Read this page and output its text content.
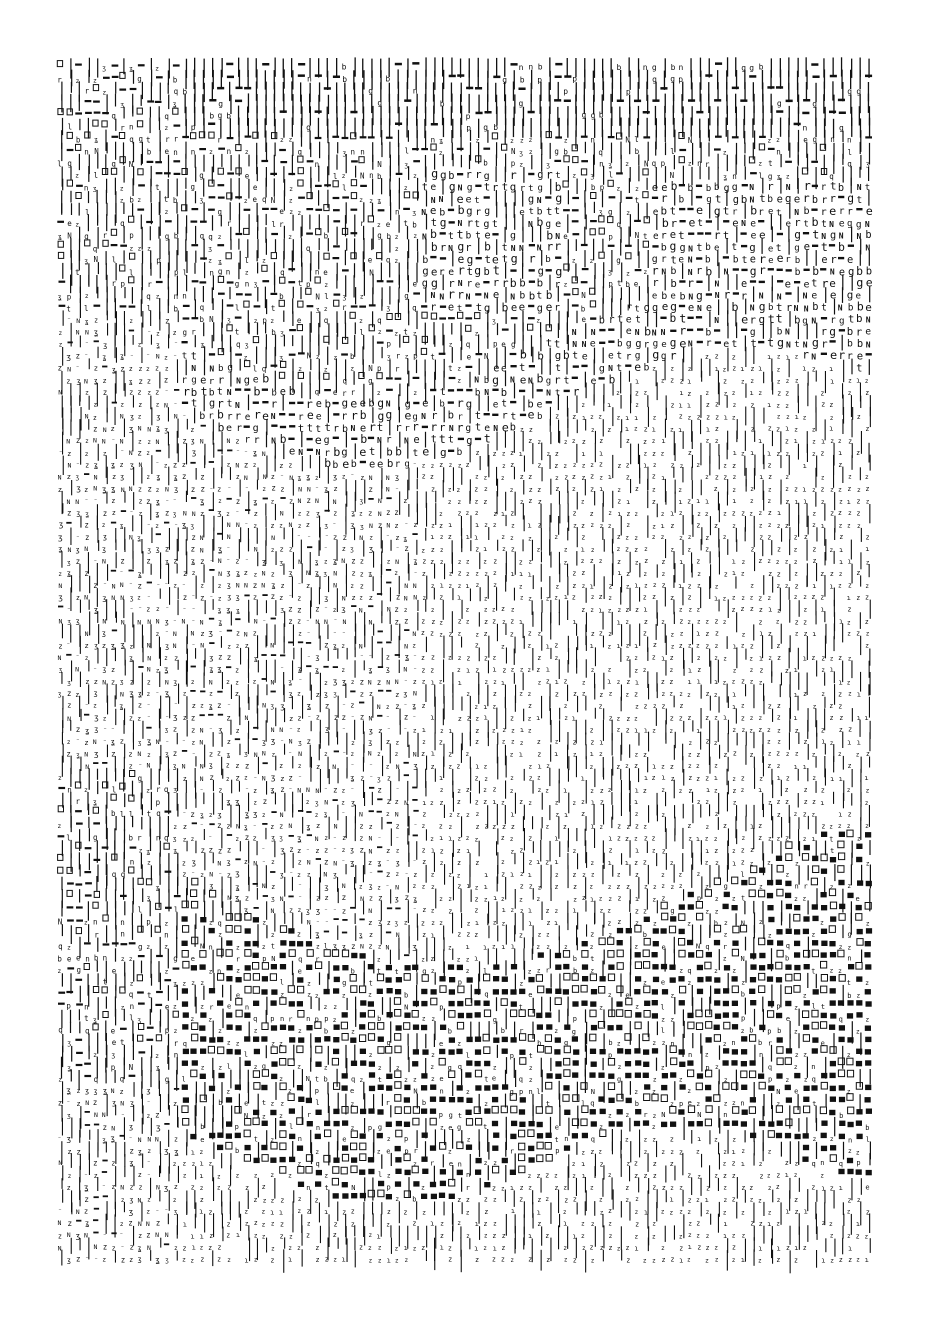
ʒ	ʓ	z	b	n n b	b	n g b n	g g b
r z z	g	b	n	b	b	g b p	p	g g p
r z	q b	g	n	p	p	g g
ʒ	ʓ	g	g	b	g	g	g
q	q	b g b	p	g g b
l	r n	z	p	g	p g b	n	g
b ʓ	q g t r r	r	z z	n ʓ	z	z z z	z	n	N l	N	z z	e g n n
n N	b e n n z n z	q	ʒ n n	l	z	N ʒ z	g b	q	b	l	z	n	l
l g	q N	n	N	ʒ	b	p z	ʒ	n ʓ z N q p	z n r	z t	q ʒ
z l	g	e	l z N n b	z g g b r r g r g r t z ʒ l	N	ʓ n	l g ʓ z	q
n ʒ	z	t	g	e	z	l	z t e g N g t r t g r t g b	b p z z e e b b b b g g N r N r r t b N t
z b z	t b	ʒ	z e q N z	z z ʓ	N N e e t	g N g	t r b g t g b N t b e g e r b r r g t
l	z	g	e z z	n ʒ N e b b g r g	e t b t t	ʒ g z e b t e g t r b r e t N b r e r r e
e z	q	r	l r	r z e t b t g N r t g t	N b g e	q	b r e t	e N e	e r t b t N e g g N
ʓ N g r	p	g b	q q z	z	b	g b z z N b t t b t e g	b N e	p	N t e r e t	r t e e	g t N g N N b
q	z z z	ʒ	q	z	b r N g r b t N N N r r	b g g N t b e t g e t g e t b	N
ʓ N l	p	z ʓ	l z	e q z b	e g t e t g r b	z z	g	g r t e N b b t e r e e r b e r e
t	l	p l	n g n z	q	n e	N	g e r e r t g b t	g g	ʒ z z r N b N r b N g r	b b N e g b b
r p	r	g n ʒ	t p z	e g g r N r e r r b b b r z	p t b e r b r	N e	e e t r e g e
ʓ p z	q z n n	b	N l ʒ z	g	N N r r N N e N b b t b	N	e b e b N g N r r N N	N e e g e
t l	l	b	q	l	t	ʒ z r	ʒ	q r e t t g b e e g e r	b	r t g g e g e N e b N g b t r N N b t N b b e
⁻ N ʓ z	z	z	b N ʒ	z p z	e	q	z q	ʒ	z	e b r t e t	b t	N e r g t t b g N r g t b N
z N N ʓ	⁻ z z g r	t	b ʒ	l z z t z	z	N N	e N b N N r b	g b N	r g b r e
z	⁻ ʒ	z ʓ ⁻	ʓ	q ʒ	p	z q	p e g	t t N N e b g g r g e g e N r e t t t g N t N g r b b N
ʒ z ⁻ ʓ ʓ ⁻ ⁻ N z ⁻ t t	z	ʒ	N z z b	ʒ r z p t	e N	b b g b t e e t r g g g r	z z z	ɿ z ɿ z r N e r r e
z N ⁻ z ʓ z z z z z z	N N b g	l q	z	z	z N p r	t z	e e t	t	g N t e b z z z	ɿ z z ɿ z ɿ z	ɿ z ɿ t
z ʒ N ʓ z	ʓ z z z r g e r r N g e b	q	g	z N b g N e N b g r t e b	ɿ	z z z ɿ	z z z	z z z	ɿ z ɿ z
N	z z	z z z z ⁻ r b t b t N b b e b	q e r r	z	z t	b N b	N t r	z z z	ɿ z z z z ɿ z z z	z	z z
z	z z z N ⁻ t g r t N	r r e b g e e b g N g e b r g e t b e	z	ɿ	z	z ɿ ɿ z z z z ɿ z z	z z
N z	N ʒ z ʒ N ⁻ b r b r r e r e N r e e r r b g g e g N r b r t r t e b z z ɿ z z z ɿ ɿ z	z z z z z ɿ z	z z ɿ z	z	z
z N z ʒ N N ʓ ʒ	z b e r g	t t t t r b N e r t r r r r r N r g t e N e b z z	z z ɿ z z ɿ z ɿ	ɿ z	z z z ɿ z z ɿ	z
N z z N N ⁻ N z z N	z ʒ N	N z r r N b e g	b N r N e t t t g t	z z	z z z z	z z z ɿ	z z	ɿ	z ɿ z ɿ z z z
⁻ z z z ⁻ N z z	ʒ	⁻ ⁻ ʓ N e N N r b g e t b b t e g b z z z z ɿ	z z	ɿ ɿ	z z z	z	ɿ z ɿ ɿ z z	z z ɿ z
N ⁻ z ʓ ʓ z ʒ N ⁻ z z z	z N z z	z z	b b e b e e b r g ⁻ z z z z z z	z z	z z z z z z z z z ɿ z z z z	z z	z	ɿ	z
N z ʒ N z ʒ	z ʓ ʓ z z	z N N z ⁻ N ʓ ʓ z ʒ z ⁻ z N N ʒ	z z	z z z z z	z z z z z z ɿ z	z ɿ	z z z z	ɿ z z	z	z z
z ʒ z N ʓ ʓ N N z z z N ʒ z z ⁻ z ⁻ ⁻ z z z N N ⁻ ʓ z	z N ⁻	z z z z z	z z z z z z ɿ z z z	z	z z z z z z ɿ z z z z z z z
N N ⁻ ⁻ z	z z ʓ ⁻ ⁻	ʓ z z ʓ z z N z N N	ʒ N	z	z z z z	z z z	z	z ɿ	z	ɿ z ɿ ɿ	ɿ z z z ɿ ɿ z z ɿ z z
z ʒ ʓ z z ⁻ z ʓ z ʒ N N z ʒ z ⁻ z	N z z ʒ z ʓ z z N z z	z z z z z ɿ z	z z z ɿ z z	z ɿ z z z z z z z z z ɿ	z z z z z
ʒ	z z ʓ	⁻ z ⁻ ʓ ʒ	N N ⁻ z z z N z z ʒ ⁻ ʒ ʒ N z N z ⁻ z z z ɿ	ɿ z z z ɿ z	z z z z z z	z ɿ z	z z z	z z z z	z ɿ z z z
ʒ ⁻ z ʒ	N ʓ	z N	N	N	⁻ ⁻ ⁻ z z N z ⁻ z ʓ	ɿ z z ɿ ɿ	z z z	z	z	z z z z z z z z z	z z	z z	z	z
ʓ N ʒ N ʒ	ʒ ʒ z	z N ʓ ⁻	N z z z	⁻ z ʒ ʒ	⁻ z z z z	z ɿ z z	z	z ɿ z	z z z z	z z z	z	z z z z ɿ	ɿ
ʒ z ⁻ N z	z ʓ z ʓ z ⁻ N ⁻ z ⁻ ʓ ʒ N ʓ z ʓ N z z	z N ʓ z z z z z z z	z z	z z z z z z z z ɿ z	ɿ z z z z z z z	ɿ ɿ z
z ʓ z	⁻ ʓ	z z	N ʒ ʓ z z N z ʒ N ʓ ʒ N z z ʓ	z ⁻ z	z z z z z z ɿ ɿ ɿ	z z	ɿ z z z	z	z ɿ z	z z z	z z z z
N	z ⁻ N N ⁻ z ⁻ ⁻ z ⁻ z z ʒ N N z N ʓ z ⁻ z	N z z	N N z ɿ z z ɿ z z	z	z z z ɿ z z ɿ z z z ɿ z z z	z	z z z ɿ ɿ z z z
ʒ z N ʒ N N ʒ z ⁻	z ⁻ z ⁻ z ʒ ʒ z z z ⁻ z	ʒ N z z z	z N N z z ɿ	z	z z z z ɿ z z z z	z z z z	ɿ z z z z z z	z z z z	ɿ z z
⁻	ʓ	⁻ ⁻ z z ⁻ ⁻ ⁻	ʓ ʓ ʓ	ʒ z z z ⁻ z ʒ N	N z z	z	z z z z z	z z ɿ z z z z ɿ	z z z	z z z z ɿ z	z ɿ	z
N ʒ ʒ	N N N N N ʒ ⁻ N ⁻ N ʓ	N ⁻	z z ⁻ N N ⁻ N	N	z z z z z z z z z z z ɿ	ɿ	ɿ z z z z z z z z z	z z z z	ɿ z z
N ʒ	z ⁻ N N z ʒ ⁻ z N z	z ⁻	⁻ ⁻	N z z z z z z z	z z z	z z z	z	z z ɿ z z	z ɿ z	z z ɿ	z z z
z ⁻ z ʒ z ʓ ʓ z N ʒ N ⁻ N	z z z	N	z ʓ z N	N z	z	z	z ɿ z	ɿ z ɿ z ɿ z z z z z z z ɿ z z	z	z
N ⁻ z	ʓ N z z	ʒ z z	ʓ	⁻ ʒ	⁻ ⁻ z ʓ ⁻ z z z z z z z	z z	z z z ɿ z	z z z	z ɿ z z	ɿ z z z z z
ʒ N ⁻ ʒ z	N z ʓ	ʓ ʓ z	⁻ ʓ ʓ	z	ʓ ʒ N ⁻ z z	z ɿ z ɿ z z z z z ɿ	z z	z z	z ɿ z	z z z	z ɿ	z ɿ
ʒ z z N z ʒ z z N ʒ z N z z z N ʓ ⁻	z ʒ ʓ z z N z N N ⁻ z z ɿ z ɿ	z z ɿ	z z ɿ z z	ɿ z z ɿ	z z ɿ ɿ ɿ z z z z z	ɿ z
ʒ z z ʒ	N ʓ ʓ z ⁻ ʓ z	z	z	ʒ z z ʒ ʒ	z z	z ʒ N	z	z	z z	z z z z z z z	z z z z z z ɿ	ɿ z z z z ɿ
z ⁻ z	ʓ z ⁻	⁻ z z ʓ z ⁻	N ʒ ʒ	ʓ z ⁻ z	N z z ⁻ ʓ z	z ɿ z	z	z	z	z z z z z	ɿ z	z z	z z z
N	ʒ z	z z ⁻ ⁻ ʒ z z	z N	z z ⁻ z z z ⁻ z N ⁻ z ⁻ ɿ	z z z ɿ	z z ɿ	z ɿ	z z z z	z z z z z ɿ z z z z ɿ	z z ɿ ɿ
z ʓ ʒ ⁻ ⁻	ʒ z z N ⁻ ʒ z	N N ⁻ z	ʒ ⁻	ʒ z ⁻ ⁻ z ɿ z ɿ	z z z z ɿ z	z	z z ɿ ɿ z z	ɿ	z z z z z z z	z z z
z ⁻ z N ⁻ ʓ z ʒ ʓ N ⁻ ⁻ z N	z	ʒ ʒ ⁻ N ʒ z	z ʒ z z	z z	z	z z z z z z z ɿ	z z z	z z	z ɿ z ɿ ɿ
z ʓ N ʒ z z N z ʓ z ⁻ z z ʓ ʒ N N z ⁻ N	z ⁻ z N z z N z ɿ z z	z ɿ z ɿ z ɿ z	z z	z z	z z z z z z z z	z z z
N	z ⁻ N	ʒ N N ʒ z z z	z z z N ⁻ ⁻ z N ʒ z z z ɿ z	z ɿ z	z	z z z ɿ z z z z z	z z ɿ ɿ	z
z	g	z N z z z z ⁻ N ʒ z z ⁻	ʓ z ⁻ ʒ z	ɿ	z z	z z z	ɿ	ɿ z ɿ z z z z ɿ z z z ɿ z	z ɿ ɿ	ɿ
n z	l	z r q ʒ	⁻ z	⁻ z ʓ z ⁻ N N N ⁻ z z ⁻	z ⁻	z z z z z z	z z ɿ	z z z	ɿ z z z z ɿ z z z ɿ	z z z	z z
r ʓ	p	ʓ ʓ z z	z ʒ N z ʒ	z z N ɿ z z z z z ɿ z z z	z z z ɿ z	ɿ	z z	z	z z z z z ɿ	z
b l l t q	⁻ z ʓ z ʒ	ʓ ʒ z N	z ʓ ⁻ N	z N	z	z z z z	ɿ	z ɿ z	z	z	z	z z z z	ɿ z
z	z z ⁻ z z N ʓ ⁻ z z N ʓ z N	z z	z ⁻ z z z	z z z z z	z z	ɿ z z z z z	z z z	ɿ z	z z z z z
l	g	b r n q ʒ z z ⁻	z z z ʒ ʒ ʓ N z ⁻ z z N ⁻ ⁻	z ɿ ɿ z z z	z z z	ɿ	ɿ z z z z z	z ɿ z z	z z z z z z ɿ t	z
z ʓ	ʓ	z z z z	⁻ ʒ z z ⁻ z z ⁻ z ʒ z N z z	z ɿ z z ɿ	z z	z	z	ɿ z z	ɿ z z z z	t
n z	z ʒ	N ʒ z N ⁻ z	z N z N ⁻ ʓ z ʓ ⁻ ʒ ⁻ z z z z	z	z ɿ z ɿ	z ɿ ɿ z z	z	z z ɿ z z z	z	z
q q	z ⁻ z N ⁻ z ʒ	ʒ ⁻ z z N ʒ	⁻ z z ⁻ z z z z	ɿ z ɿ z ɿ	z z z z	z z	z z z	l	z
ʓ	ʒ	ʓ	N z	⁻	ʒ N z ʒ z ⁻ N z z z	z ɿ z ɿ	z z z z z z z z z z z z z z	z g	z	n r	z z
ʓ	N ʓ z	ʒ N ⁻ z z z N z z ʒ z ʓ	z z	z z ɿ z z z	z z ɿ z z z ɿ z z	p z z t	z z	e
l	l	ʒ	N z z ʒ ʒ ⁻ ⁻ z	N	⁻ z z z	z	ɿ z z ɿ z z ɿ	z z	z z	g	z z
N	z n	n	p z	z q	z	N ⁻ ⁻	z ʒ z ʒ z z z z	z ɿ z z	ɿ z ɿ	z z z z	z	b z N z	z	z
r	n	n	z	z	z ʓ	ʓ z	N	z ɿ	z z z	z z z	z z	b	z	z	z	g
q z	g z z	N n	z	z t	z l ʓ ʓ z N z z N	ʒ	z ɿ ɿ z ɿ ɿ	z z z	z	z	e	N q r	q	z z
b e e n b n z z	g e	r	p N	q r	z	z z	z z ɿ	b t	z N	b	n
z g	e	z	z n z	e	b	t t	g z	z l	z z r	b z	z q	z z	t z z
t	z	ʓ z z z	l	z	g	t	p	z	z e	z	z	t z
q t	e	z	z z	z	z	b	q	e	z e	z	b	z	b z
p n	z n	e z	z r e n	z z	N	p	t	z	z	l	p z l t
t ʓ	l ʒ	z z	q p n r n p p z	b	z z	g	p	z z	p	e	q	z
q	q	e	p z	z	z	z	b	z	b	b r	z g	l	z b p b z	z
ʒ	e t	r q	z z	z z	g	e z	b	g	b z	z z n	z n	b r	e
z ʒ	z n	l	z	z	l	p t	p	n z	n	z z	z
ʓ	p N	ʓ	z z l	z q	z	z	z z	z g q	z	z	z	z	p z	q	z n
z	q	q	g l	z	N t b	q z t	z z z e	t e	q z	g	z	z	z	p z z q
ʓ z ʒ ʒ ʓ N z	ʒ	z	z	p	e	N	n	z	g p n l	N	z z	z	N e	z
z ⁻ z N z ʒ N ʒ ⁻	z	b	e t z z	l	z	r	b	z	t	l q	b	z p e z	z z n	z	t
ʒ	N N ⁻	z z	N z z	r	p g t	z z r z N	N	n	b
z N ʒ	ʒ	b	p	l	n	z p g	z e g	t	e	z	z	b
⁻ ʒ	ʓ ʓ ⁻ N N N z	e	t z	n	e	z p	z	t n	q	z z z z	ɿ z z	z z n l
z z	z ʓ z ʒ ʓ ɿ z	b	z	z e p r	z	r	p	z z z	z z z z z	z ɿ z	z	z z
N	z z ʓ ⁻	z z z ɿ z	z q	z r e n	z z	z ɿ z	z z z z	z z ɿ z	z z q n q p
z ⁻ z	z ⁻	z ɿ z z z z z	z	l z	n	z z z z z ɿ	z	z z z	z z z z z	z z z ɿ z	z
z ʓ ⁻ z N z z N ʒ z z z z z z z	n t	N	p	z	r	z z ɿ z z	z z	z	z	z z z z	z z z z z z	z ɿ z ɿ	e
z	z ʒ N z	z	z	z z z z z z	z b	z z z z	z z z z z	z	z z	ɿ z z ɿ z z z z z z	z z
⁻ N z	ʒ z ⁻ ⁻ ʒ	ɿ z	z z ɿ ɿ z z ɿ z z	z z z	z z	ɿ	ɿ	z	z z	z ɿ z z z z z z z	z ɿ z ɿ	z z
N z ʓ	z z N N z	ɿ	z z z z z z	z	z z	z	z ɿ z z ɿ z z	z	ɿ z z z	z z	z z	ɿ	z z ɿ z	z z	ɿ
z N ʒ N ⁻ ⁻ z z N N	ɿ ɿ z z ɿ z z z z z	z	z ɿ	z	z z z z	ɿ z	ɿ z	z	z z	z z z z ɿ z z	z z z z
N	N z z ⁻ z ʓ N	z z ɿ z z z	z z z z	z z z z ɿ z z ɿ z	ɿ z ɿ z	z z z z z z z ɿ	z z ɿ z z z z	ɿ ɿ z ɿ z	ɿ
ʒ z ⁻ ⁻ z z z ʒ ʓ ʒ z z z z z ɿ z z ɿ	z z z ɿ	z z ɿ z z	z	z z z z z z z z z	z z z z z ɿ z z z z ɿ z z z	ɿ z z z z ɿ
